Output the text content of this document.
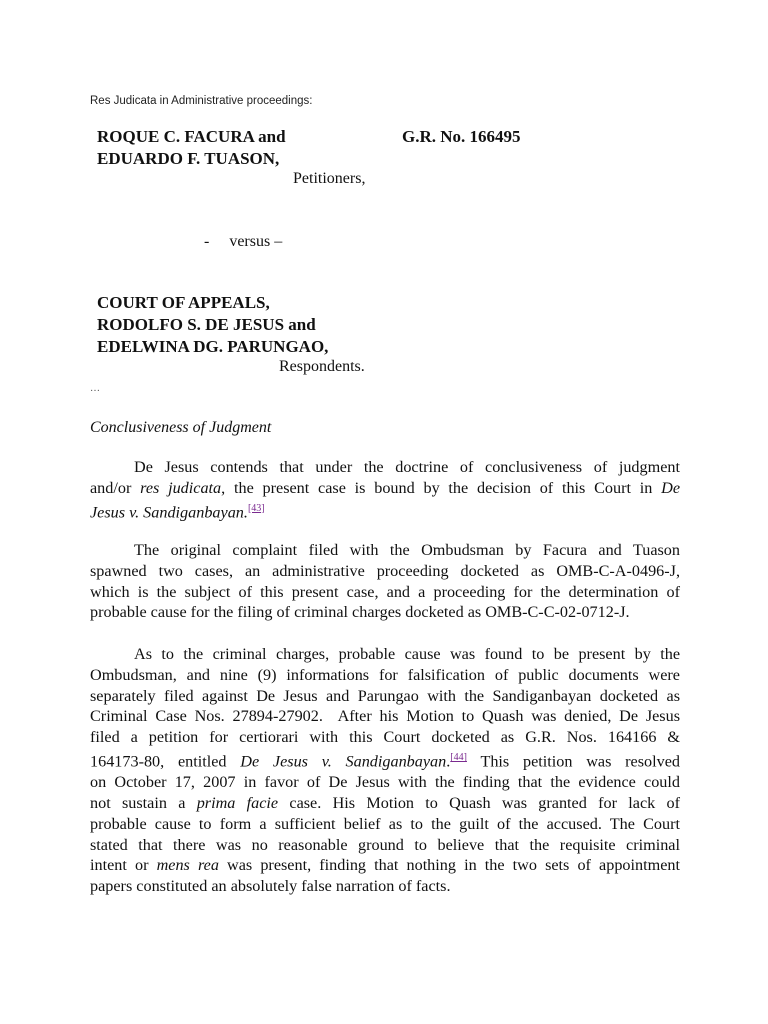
Res Judicata in Administrative proceedings:
ROQUE C. FACURA and
EDUARDO F. TUASON,
G.R. No. 166495
Petitioners,
-     versus –
COURT OF APPEALS,
RODOLFO S. DE JESUS and
EDELWINA DG. PARUNGAO,
Respondents.
…
Conclusiveness of Judgment
De Jesus contends that under the doctrine of conclusiveness of judgment
and/or res judicata, the present case is bound by the decision of this Court in De
Jesus v. Sandiganbayan.[43]
The original complaint filed with the Ombudsman by Facura and Tuason
spawned two cases, an administrative proceeding docketed as OMB-C-A-0496-J,
which is the subject of this present case, and a proceeding for the determination of
probable cause for the filing of criminal charges docketed as OMB-C-C-02-0712-J.
As to the criminal charges, probable cause was found to be present by the
Ombudsman, and nine (9) informations for falsification of public documents were
separately filed against De Jesus and Parungao with the Sandiganbayan docketed as
Criminal Case Nos. 27894-27902.  After his Motion to Quash was denied, De Jesus
filed a petition for certiorari with this Court docketed as G.R. Nos. 164166 &
164173-80, entitled De Jesus v. Sandiganbayan.[44] This petition was resolved
on October 17, 2007 in favor of De Jesus with the finding that the evidence could
not sustain a prima facie case. His Motion to Quash was granted for lack of
probable cause to form a sufficient belief as to the guilt of the accused. The Court
stated that there was no reasonable ground to believe that the requisite criminal
intent or mens rea was present, finding that nothing in the two sets of appointment
papers constituted an absolutely false narration of facts.
